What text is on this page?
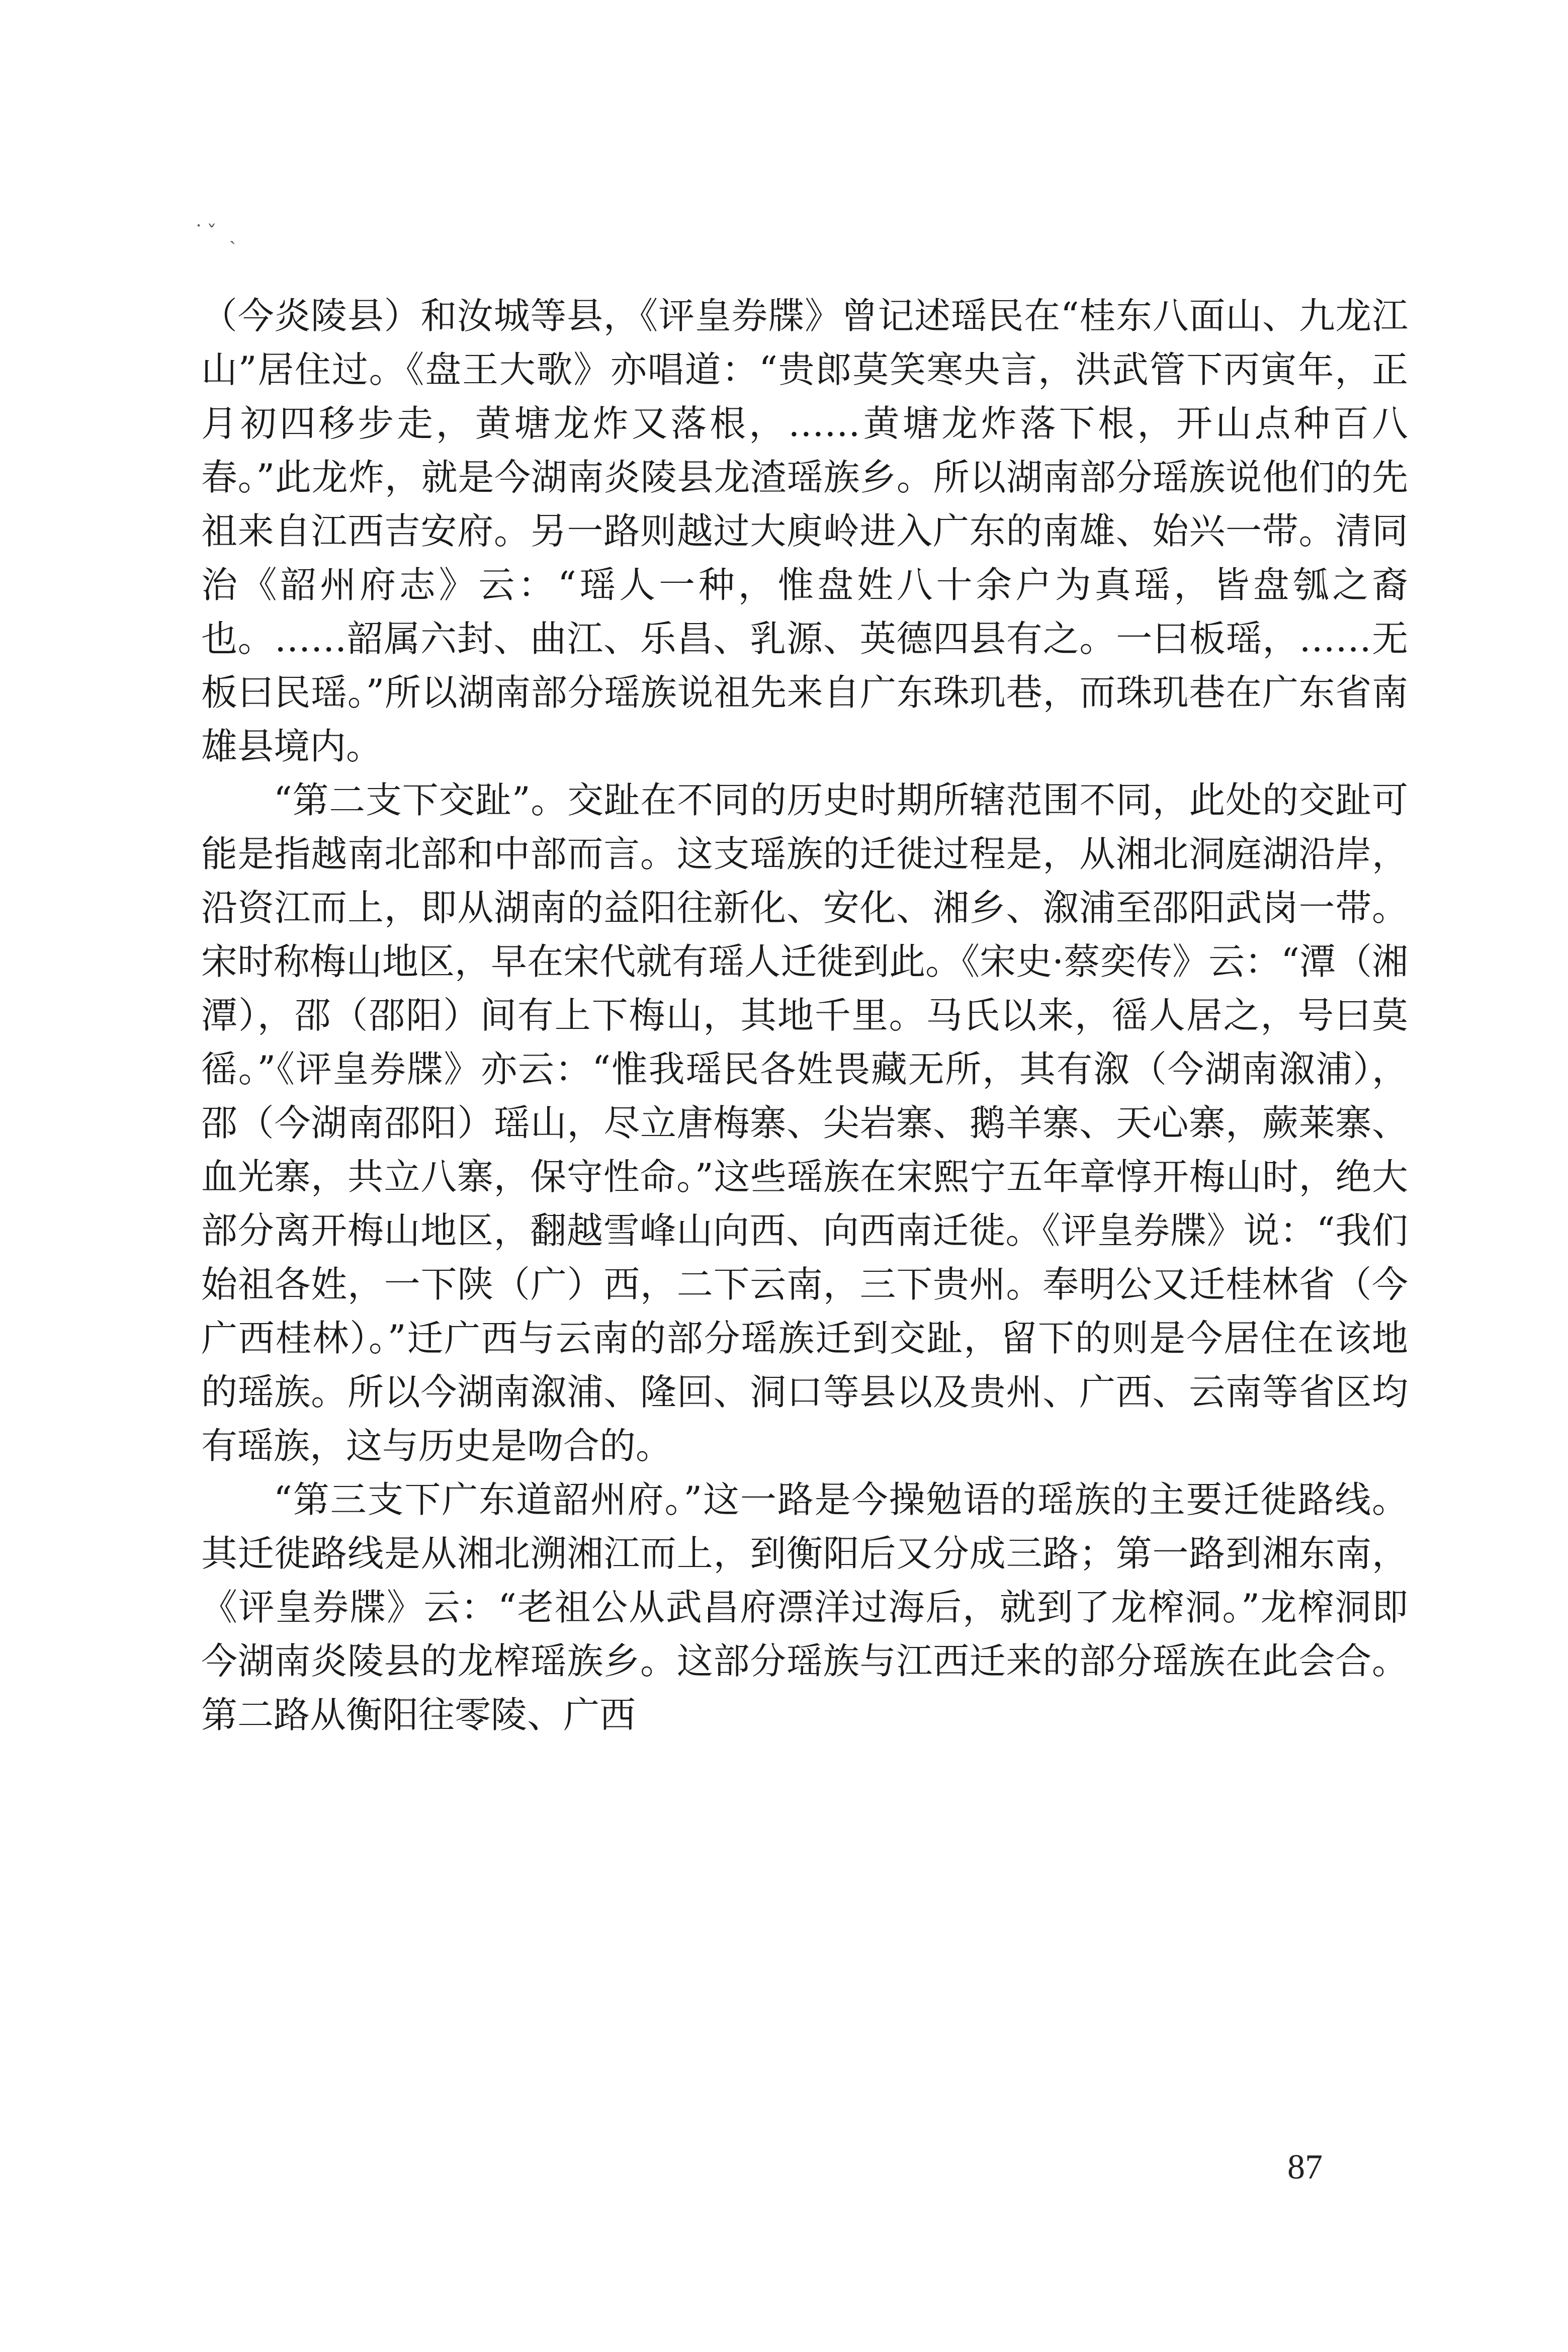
˙ˇ ˎ

（今炎陵县）和汝城等县，《评皇券牒》曾记述瑶民在“桂东八面山、九龙江山”居住过。《盘王大歌》亦唱道：“贵郎莫笑寒央言，洪武管下丙寅年，正月初四移步走，黄塘龙炸又落根，……黄塘龙炸落下根，开山点种百八春。”此龙炸，就是今湖南炎陵县龙渣瑶族乡。所以湖南部分瑶族说他们的先祖来自江西吉安府。另一路则越过大庾岭进入广东的南雄、始兴一带。清同治《韶州府志》云：“瑶人一种，惟盘姓八十余户为真瑶，皆盘瓠之裔也。……韶属六封、曲江、乐昌、乳源、英德四县有之。一曰板瑶，……无板曰民瑶。”所以湖南部分瑶族说祖先来自广东珠玑巷，而珠玑巷在广东省南雄县境内。

“第二支下交趾”。交趾在不同的历史时期所辖范围不同，此处的交趾可能是指越南北部和中部而言。这支瑶族的迁徙过程是，从湘北洞庭湖沿岸，沿资江而上，即从湖南的益阳往新化、安化、湘乡、溆浦至邵阳武岗一带。宋时称梅山地区，早在宋代就有瑶人迁徙到此。《宋史·蔡奕传》云：“潭（湘潭），邵（邵阳）间有上下梅山，其地千里。马氏以来，徭人居之，号曰莫徭。”《评皇券牒》亦云：“惟我瑶民各姓畏藏无所，其有溆（今湖南溆浦），邵（今湖南邵阳）瑶山，尽立唐梅寨、尖岩寨、鹅羊寨、天心寨，蕨莱寨、血光寨，共立八寨，保守性命。”这些瑶族在宋熙宁五年章惇开梅山时，绝大部分离开梅山地区，翻越雪峰山向西、向西南迁徙。《评皇券牒》说：“我们始祖各姓，一下陕（广）西，二下云南，三下贵州。奉明公又迁桂林省（今广西桂林）。”迁广西与云南的部分瑶族迁到交趾，留下的则是今居住在该地的瑶族。所以今湖南溆浦、隆回、洞口等县以及贵州、广西、云南等省区均有瑶族，这与历史是吻合的。

“第三支下广东道韶州府。”这一路是今操勉语的瑶族的主要迁徙路线。其迁徙路线是从湘北溯湘江而上，到衡阳后又分成三路；第一路到湘东南，《评皇券牒》云：“老祖公从武昌府漂洋过海后，就到了龙榨洞。”龙榨洞即今湖南炎陵县的龙榨瑶族乡。这部分瑶族与江西迁来的部分瑶族在此会合。第二路从衡阳往零陵、广西

87
